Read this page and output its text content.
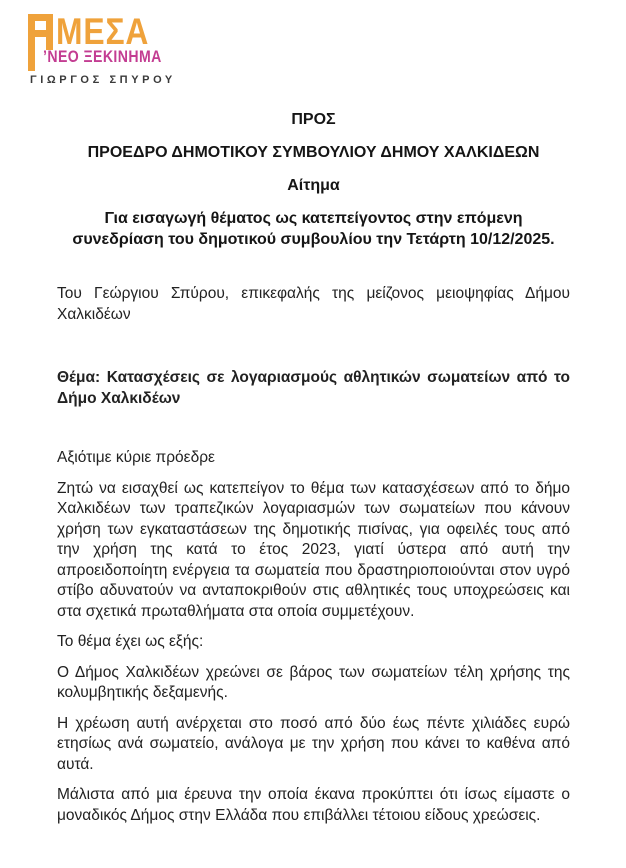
ΜΕΣΑ
’ΝΕΟ ΞΕΚΙΝΗΜΑ
ΓΙΩΡΓΟΣ ΣΠΥΡΟΥ

ΠΡΟΣ

ΠΡΟΕΔΡΟ ΔΗΜΟΤΙΚΟΥ ΣΥΜΒΟΥΛΙΟΥ ΔΗΜΟΥ ΧΑΛΚΙΔΕΩΝ

Αίτημα

Για εισαγωγή θέματος ως κατεπείγοντος στην επόμενη συνεδρίαση του δημοτικού συμβουλίου την Τετάρτη 10/12/2025.

Του Γεώργιου Σπύρου, επικεφαλής της μείζονος μειοψηφίας Δήμου Χαλκιδέων

Θέμα: Κατασχέσεις σε λογαριασμούς αθλητικών σωματείων από το Δήμο Χαλκιδέων

Αξιότιμε κύριε πρόεδρε

Ζητώ να εισαχθεί ως κατεπείγον το θέμα των κατασχέσεων από το δήμο Χαλκιδέων των τραπεζικών λογαριασμών των σωματείων που κάνουν χρήση των εγκαταστάσεων της δημοτικής πισίνας, για οφειλές τους από την χρήση της κατά το έτος 2023, γιατί ύστερα από αυτή την απροειδοποίητη ενέργεια τα σωματεία που δραστηριοποιούνται στον υγρό στίβο αδυνατούν να ανταποκριθούν στις αθλητικές τους υποχρεώσεις και στα σχετικά πρωταθλήματα στα οποία συμμετέχουν.

Το θέμα έχει ως εξής:

Ο Δήμος Χαλκιδέων χρεώνει σε βάρος των σωματείων τέλη χρήσης της κολυμβητικής δεξαμενής.

Η χρέωση αυτή ανέρχεται στο ποσό από δύο έως πέντε χιλιάδες ευρώ ετησίως ανά σωματείο, ανάλογα με την χρήση που κάνει το καθένα από αυτά.

Μάλιστα από μια έρευνα την οποία έκανα προκύπτει ότι ίσως είμαστε ο μοναδικός Δήμος στην Ελλάδα που επιβάλλει τέτοιου είδους χρεώσεις.
